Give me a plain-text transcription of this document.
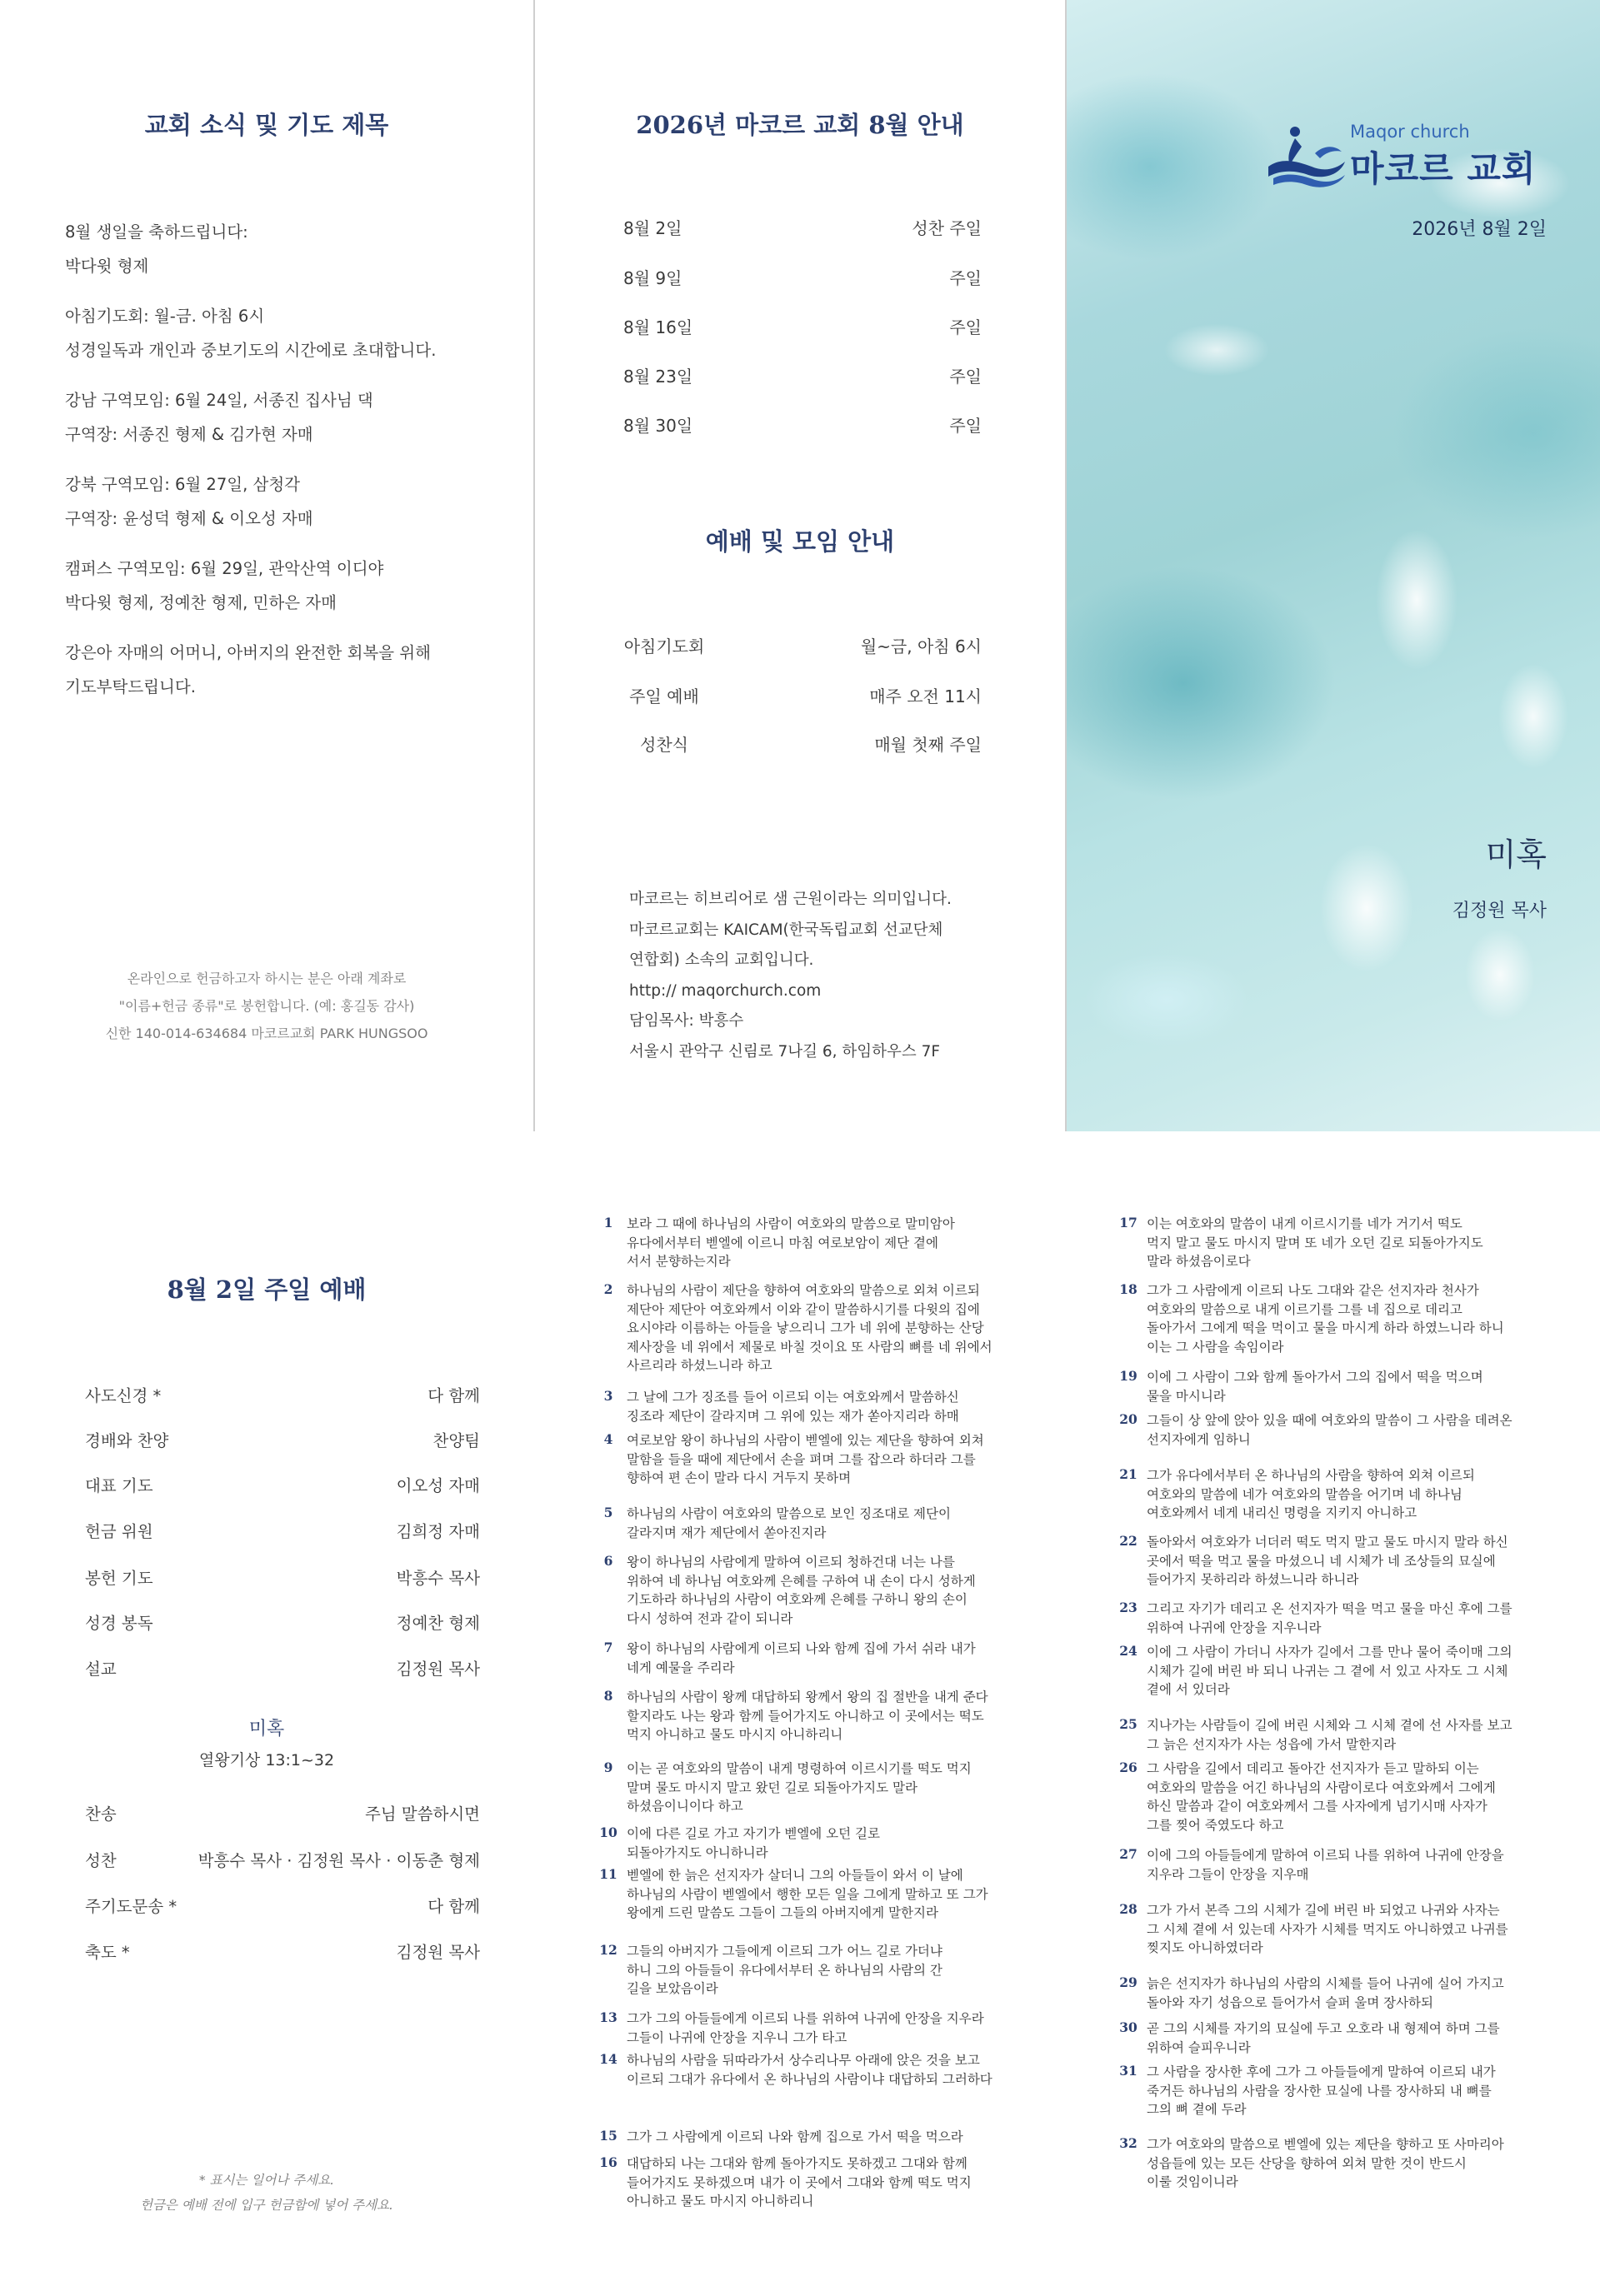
교회 소식 및 기도 제목
8월 생일을 축하드립니다:
박다윗 형제
아침기도회: 월-금. 아침 6시
성경일독과 개인과 중보기도의 시간에로 초대합니다.
강남 구역모임: 6월 24일, 서종진 집사님 댁
구역장: 서종진 형제 & 김가현 자매
강북 구역모임: 6월 27일, 삼청각
구역장: 윤성덕 형제 & 이오성 자매
캠퍼스 구역모임: 6월 29일, 관악산역 이디야
박다윗 형제, 정예찬 형제, 민하은 자매
강은아 자매의 어머니, 아버지의 완전한 회복을 위해
기도부탁드립니다.
온라인으로 헌금하고자 하시는 분은 아래 계좌로
"이름+헌금 종류"로 봉헌합니다. (예: 홍길동 감사)
신한 140-014-634684 마코르교회 PARK HUNGSOO
2026년 마코르 교회 8월 안내
예배 및 모임 안내
8월 2일	성찬 주일
8월 9일	주일
8월 16일	주일
8월 23일	주일
8월 30일	주일
아침기도회	월~금, 아침 6시
주일 예배	매주 오전 11시
성찬식	매월 첫째 주일
마코르는 히브리어로 샘 근원이라는 의미입니다.
마코르교회는 KAICAM(한국독립교회 선교단체
연합회) 소속의 교회입니다.
http:// maqorchurch.com
담임목사: 박흥수
서울시 관악구 신림로 7나길 6, 하임하우스 7F
Maqor church
마코르 교회
2026년 8월 2일
미혹
김정원 목사
8월 2일 주일 예배
사도신경 *	다 함께
경배와 찬양	찬양팀
대표 기도	이오성 자매
헌금 위원	김희정 자매
봉헌 기도	박흥수 목사
성경 봉독	정예찬 형제
설교	김정원 목사
미혹
열왕기상 13:1~32
찬송	주님 말씀하시면
성찬	박흥수 목사 · 김정원 목사 · 이동춘 형제
주기도문송 *	다 함께
축도 *	김정원 목사
* 표시는 일어나 주세요.
헌금은 예배 전에 입구 헌금함에 넣어 주세요.
1	보라 그 때에 하나님의 사람이 여호와의 말씀으로 말미암아
유다에서부터 벧엘에 이르니 마침 여로보암이 제단 곁에
서서 분향하는지라
2	하나님의 사람이 제단을 향하여 여호와의 말씀으로 외쳐 이르되
제단아 제단아 여호와께서 이와 같이 말씀하시기를 다윗의 집에
요시야라 이름하는 아들을 낳으리니 그가 네 위에 분향하는 산당
제사장을 네 위에서 제물로 바칠 것이요 또 사람의 뼈를 네 위에서
사르리라 하셨느니라 하고
3	그 날에 그가 징조를 들어 이르되 이는 여호와께서 말씀하신
징조라 제단이 갈라지며 그 위에 있는 재가 쏟아지리라 하매
4	여로보암 왕이 하나님의 사람이 벧엘에 있는 제단을 향하여 외쳐
말함을 들을 때에 제단에서 손을 펴며 그를 잡으라 하더라 그를
향하여 편 손이 말라 다시 거두지 못하며
5	하나님의 사람이 여호와의 말씀으로 보인 징조대로 제단이
갈라지며 재가 제단에서 쏟아진지라
6	왕이 하나님의 사람에게 말하여 이르되 청하건대 너는 나를
위하여 네 하나님 여호와께 은혜를 구하여 내 손이 다시 성하게
기도하라 하나님의 사람이 여호와께 은혜를 구하니 왕의 손이
다시 성하여 전과 같이 되니라
7	왕이 하나님의 사람에게 이르되 나와 함께 집에 가서 쉬라 내가
네게 예물을 주리라
8	하나님의 사람이 왕께 대답하되 왕께서 왕의 집 절반을 내게 준다
할지라도 나는 왕과 함께 들어가지도 아니하고 이 곳에서는 떡도
먹지 아니하고 물도 마시지 아니하리니
9	이는 곧 여호와의 말씀이 내게 명령하여 이르시기를 떡도 먹지
말며 물도 마시지 말고 왔던 길로 되돌아가지도 말라
하셨음이니이다 하고
10 이에 다른 길로 가고 자기가 벧엘에 오던 길로
되돌아가지도 아니하니라
11 벧엘에 한 늙은 선지자가 살더니 그의 아들들이 와서 이 날에
하나님의 사람이 벧엘에서 행한 모든 일을 그에게 말하고 또 그가
왕에게 드린 말씀도 그들이 그들의 아버지에게 말한지라
12 그들의 아버지가 그들에게 이르되 그가 어느 길로 가더냐
하니 그의 아들들이 유다에서부터 온 하나님의 사람의 간
길을 보았음이라
13 그가 그의 아들들에게 이르되 나를 위하여 나귀에 안장을 지우라
그들이 나귀에 안장을 지우니 그가 타고
14 하나님의 사람을 뒤따라가서 상수리나무 아래에 앉은 것을 보고
이르되 그대가 유다에서 온 하나님의 사람이냐 대답하되 그러하다
15 그가 그 사람에게 이르되 나와 함께 집으로 가서 떡을 먹으라
16 대답하되 나는 그대와 함께 돌아가지도 못하겠고 그대와 함께
들어가지도 못하겠으며 내가 이 곳에서 그대와 함께 떡도 먹지
아니하고 물도 마시지 아니하리니
17 이는 여호와의 말씀이 내게 이르시기를 네가 거기서 떡도
먹지 말고 물도 마시지 말며 또 네가 오던 길로 되돌아가지도
말라 하셨음이로다
18 그가 그 사람에게 이르되 나도 그대와 같은 선지자라 천사가
여호와의 말씀으로 내게 이르기를 그를 네 집으로 데리고
돌아가서 그에게 떡을 먹이고 물을 마시게 하라 하였느니라 하니
이는 그 사람을 속임이라
19 이에 그 사람이 그와 함께 돌아가서 그의 집에서 떡을 먹으며
물을 마시니라
20 그들이 상 앞에 앉아 있을 때에 여호와의 말씀이 그 사람을 데려온
선지자에게 임하니
21 그가 유다에서부터 온 하나님의 사람을 향하여 외쳐 이르되
여호와의 말씀에 네가 여호와의 말씀을 어기며 네 하나님
여호와께서 네게 내리신 명령을 지키지 아니하고
22 돌아와서 여호와가 너더러 떡도 먹지 말고 물도 마시지 말라 하신
곳에서 떡을 먹고 물을 마셨으니 네 시체가 네 조상들의 묘실에
들어가지 못하리라 하셨느니라 하니라
23 그리고 자기가 데리고 온 선지자가 떡을 먹고 물을 마신 후에 그를
위하여 나귀에 안장을 지우니라
24 이에 그 사람이 가더니 사자가 길에서 그를 만나 물어 죽이매 그의
시체가 길에 버린 바 되니 나귀는 그 곁에 서 있고 사자도 그 시체
곁에 서 있더라
25 지나가는 사람들이 길에 버린 시체와 그 시체 곁에 선 사자를 보고
그 늙은 선지자가 사는 성읍에 가서 말한지라
26 그 사람을 길에서 데리고 돌아간 선지자가 듣고 말하되 이는
여호와의 말씀을 어긴 하나님의 사람이로다 여호와께서 그에게
하신 말씀과 같이 여호와께서 그를 사자에게 넘기시매 사자가
그를 찢어 죽였도다 하고
27 이에 그의 아들들에게 말하여 이르되 나를 위하여 나귀에 안장을
지우라 그들이 안장을 지우매
28 그가 가서 본즉 그의 시체가 길에 버린 바 되었고 나귀와 사자는
그 시체 곁에 서 있는데 사자가 시체를 먹지도 아니하였고 나귀를
찢지도 아니하였더라
29 늙은 선지자가 하나님의 사람의 시체를 들어 나귀에 실어 가지고
돌아와 자기 성읍으로 들어가서 슬퍼 울며 장사하되
30 곧 그의 시체를 자기의 묘실에 두고 오호라 내 형제여 하며 그를
위하여 슬피우니라
31 그 사람을 장사한 후에 그가 그 아들들에게 말하여 이르되 내가
죽거든 하나님의 사람을 장사한 묘실에 나를 장사하되 내 뼈를
그의 뼈 곁에 두라
32 그가 여호와의 말씀으로 벧엘에 있는 제단을 향하고 또 사마리아
성읍들에 있는 모든 산당을 향하여 외쳐 말한 것이 반드시
이룰 것임이니라
